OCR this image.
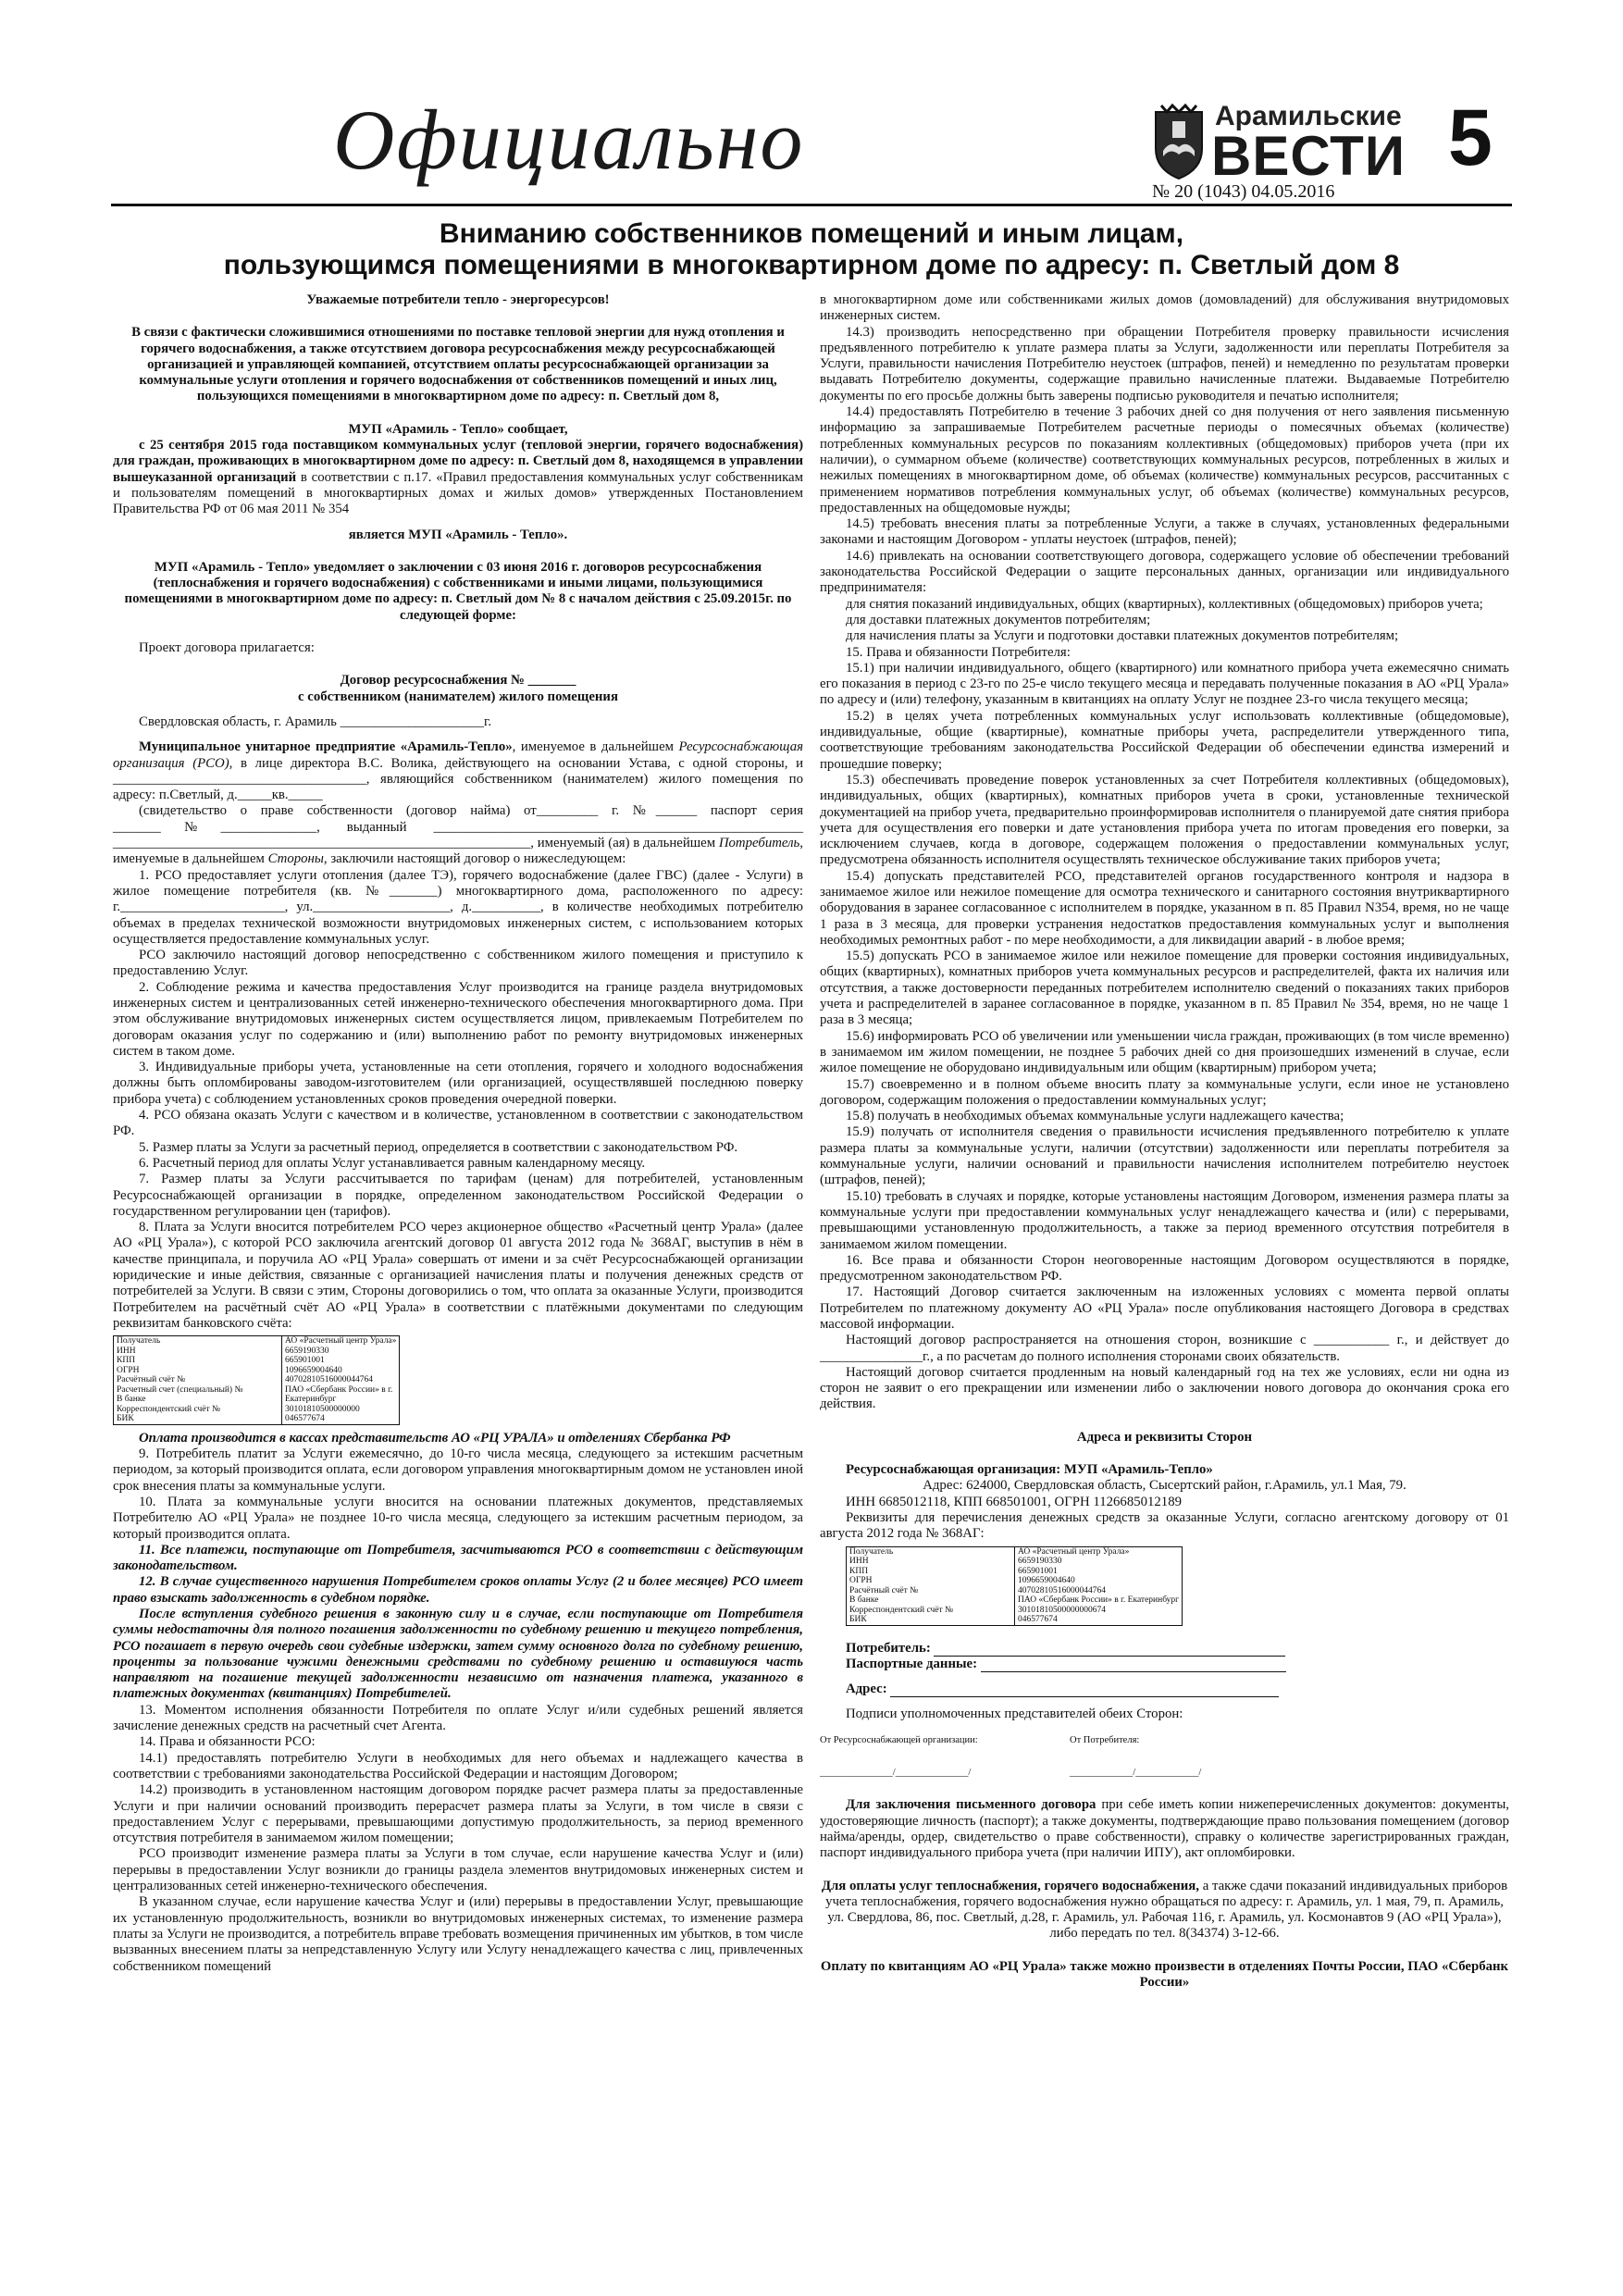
Официально	Арамильские
ВЕСТИ
№ 20 (1043) 04.05.2016
5
Вниманию собственников помещений и иным лицам,
пользующимся помещениями в многоквартирном доме по адресу: п. Светлый дом 8

Уважаемые потребители тепло - энергоресурсов!

В связи с фактически сложившимися отношениями по поставке тепловой энергии для нужд отопления и горячего водоснабжения, а также отсутствием договора ресурсоснабжения между ресурсоснабжающей организацией и управляющей компанией, отсутствием оплаты ресурсоснабжающей организации за коммунальные услуги отопления и горячего водоснабжения от собственников помещений и иных лиц, пользующихся помещениями в многоквартирном доме по адресу: п. Светлый дом 8,

МУП «Арамиль - Тепло» сообщает,

с 25 сентября 2015 года поставщиком коммунальных услуг (тепловой энергии, горячего водоснабжения) для граждан, проживающих в многоквартирном доме по адресу: п. Светлый дом 8, находящемся в управлении вышеуказанной организаций в соответствии с п.17. «Правил предоставления коммунальных услуг собственникам и пользователям помещений в многоквартирных домах и жилых домов» утвержденных Постановлением Правительства РФ от 06 мая 2011 № 354

является МУП «Арамиль - Тепло».

МУП «Арамиль - Тепло» уведомляет о заключении с 03 июня 2016 г. договоров ресурсоснабжения (теплоснабжения и горячего водоснабжения) с собственниками и иными лицами, пользующимися помещениями в многоквартирном доме по адресу: п. Светлый дом № 8 с началом действия с 25.09.2015г. по следующей форме:

Проект договора прилагается:

Договор ресурсоснабжения № _______

с собственником (нанимателем) жилого помещения

Свердловская область, г. Арамиль _____________________г.

Муниципальное унитарное предприятие «Арамиль-Тепло», именуемое в дальнейшем Ресурсоснабжающая организация (РСО), в лице директора В.С. Волика, действующего на основании Устава, с одной стороны, и _____________________________________, являющийся собственником (нанимателем) жилого помещения по адресу: п.Светлый, д._____кв._____

(свидетельство о праве собственности (договор найма) от_________ г. №______ паспорт серия _______№______________, выданный ______________________________________________________ _____________________________________________________________, именуемый (ая) в дальнейшем Потребитель, именуемые в дальнейшем Стороны, заключили настоящий договор о нижеследующем:

1. РСО предоставляет услуги отопления (далее ТЭ), горячего водоснабжение (далее ГВС) (далее - Услуги) в жилое помещение потребителя (кв. №_______) многоквартирного дома, расположенного по адресу: г.________________________, ул.____________________, д.__________, в количестве необходимых потребителю объемах в пределах технической возможности внутридомовых инженерных систем, с использованием которых осуществляется предоставление коммунальных услуг.

РСО заключило настоящий договор непосредственно с собственником жилого помещения и приступило к предоставлению Услуг.

2. Соблюдение режима и качества предоставления Услуг производится на границе раздела внутридомовых инженерных систем и централизованных сетей инженерно-технического обеспечения многоквартирного дома. При этом обслуживание внутридомовых инженерных систем осуществляется лицом, привлекаемым Потребителем по договорам оказания услуг по содержанию и (или) выполнению работ по ремонту внутридомовых инженерных систем в таком доме.

3. Индивидуальные приборы учета, установленные на сети отопления, горячего и холодного водоснабжения должны быть опломбированы заводом-изготовителем (или организацией, осуществлявшей последнюю поверку прибора учета) с соблюдением установленных сроков проведения очередной поверки.

4. РСО обязана оказать Услуги с качеством и в количестве, установленном в соответствии с законодательством РФ.

5. Размер платы за Услуги за расчетный период, определяется в соответствии с законодательством РФ.

6. Расчетный период для оплаты Услуг устанавливается равным календарному месяцу.

7. Размер платы за Услуги рассчитывается по тарифам (ценам) для потребителей, установленным Ресурсоснабжающей организации в порядке, определенном законодательством Российской Федерации о государственном регулировании цен (тарифов).

8. Плата за Услуги вносится потребителем РСО через акционерное общество «Расчетный центр Урала» (далее АО «РЦ Урала»), с которой РСО заключила агентский договор 01 августа 2012 года № 368АГ, выступив в нём в качестве принципала, и поручила АО «РЦ Урала» совершать от имени и за счёт Ресурсоснабжающей организации юридические и иные действия, связанные с организацией начисления платы и получения денежных средств от потребителей за Услуги. В связи с этим, Стороны договорились о том, что оплата за оказанные Услуги, производится Потребителем на расчётный счёт АО «РЦ Урала» в соответствии с платёжными документами по следующим реквизитам банковского счёта:

Получатель	АО «Расчетный центр Урала»
ИНН	6659190330
КПП	665901001
ОГРН	1096659004640
Расчётный счёт №	40702810516000044764
Расчетный счет (специальный) №	ПАО «Сбербанк России» в г.
В банке	Екатеринбург
Корреспондентский счёт №	30101810500000000
БИК	046577674

Оплата производится в кассах представительств АО «РЦ УРАЛА» и отделениях Сбербанка РФ

9. Потребитель платит за Услуги ежемесячно, до 10-го числа месяца, следующего за истекшим расчетным периодом, за который производится оплата, если договором управления многоквартирным домом не установлен иной срок внесения платы за коммунальные услуги.

10. Плата за коммунальные услуги вносится на основании платежных документов, представляемых Потребителю АО «РЦ Урала» не позднее 10-го числа месяца, следующего за истекшим расчетным периодом, за который производится оплата.

11. Все платежи, поступающие от Потребителя, засчитываются РСО в соответствии с действующим законодательством.

12. В случае существенного нарушения Потребителем сроков оплаты Услуг (2 и более месяцев) РСО имеет право взыскать задолженность в судебном порядке.

После вступления судебного решения в законную силу и в случае, если поступающие от Потребителя суммы недостаточны для полного погашения задолженности по судебному решению и текущего потребления, РСО погашает в первую очередь свои судебные издержки, затем сумму основного долга по судебному решению, проценты за пользование чужими денежными средствами по судебному решению и оставшуюся часть направляют на погашение текущей задолженности независимо от назначения платежа, указанного в платежных документах (квитанциях) Потребителей.

13. Моментом исполнения обязанности Потребителя по оплате Услуг и/или судебных решений является зачисление денежных средств на расчетный счет Агента.

14. Права и обязанности РСО:

14.1) предоставлять потребителю Услуги в необходимых для него объемах и надлежащего качества в соответствии с требованиями законодательства Российской Федерации и настоящим Договором;

14.2) производить в установленном настоящим договором порядке расчет размера платы за предоставленные Услуги и при наличии оснований производить перерасчет размера платы за Услуги, в том числе в связи с предоставлением Услуг с перерывами, превышающими допустимую продолжительность, за период временного отсутствия потребителя в занимаемом жилом помещении;

РСО производит изменение размера платы за Услуги в том случае, если нарушение качества Услуг и (или) перерывы в предоставлении Услуг возникли до границы раздела элементов внутридомовых инженерных систем и централизованных сетей инженерно-технического обеспечения.

В указанном случае, если нарушение качества Услуг и (или) перерывы в предоставлении Услуг, превышающие их установленную продолжительность, возникли во внутридомовых инженерных системах, то изменение размера платы за Услуги не производится, а потребитель вправе требовать возмещения причиненных им убытков, в том числе вызванных внесением платы за непредставленную Услугу или Услугу ненадлежащего качества с лиц, привлеченных собственником помещений

в многоквартирном доме или собственниками жилых домов (домовладений) для обслуживания внутридомовых инженерных систем.

14.3) производить непосредственно при обращении Потребителя проверку правильности исчисления предъявленного потребителю к уплате размера платы за Услуги, задолженности или переплаты Потребителя за Услуги, правильности начисления Потребителю неустоек (штрафов, пеней) и немедленно по результатам проверки выдавать Потребителю документы, содержащие правильно начисленные платежи. Выдаваемые Потребителю документы по его просьбе должны быть заверены подписью руководителя и печатью исполнителя;

14.4) предоставлять Потребителю в течение 3 рабочих дней со дня получения от него заявления письменную информацию за запрашиваемые Потребителем расчетные периоды о помесячных объемах (количестве) потребленных коммунальных ресурсов по показаниям коллективных (общедомовых) приборов учета (при их наличии), о суммарном объеме (количестве) соответствующих коммунальных ресурсов, потребленных в жилых и нежилых помещениях в многоквартирном доме, об объемах (количестве) коммунальных ресурсов, рассчитанных с применением нормативов потребления коммунальных услуг, об объемах (количестве) коммунальных ресурсов, предоставленных на общедомовые нужды;

14.5) требовать внесения платы за потребленные Услуги, а также в случаях, установленных федеральными законами и настоящим Договором - уплаты неустоек (штрафов, пеней);

14.6) привлекать на основании соответствующего договора, содержащего условие об обеспечении требований законодательства Российской Федерации о защите персональных данных, организации или индивидуального предпринимателя:

для снятия показаний индивидуальных, общих (квартирных), коллективных (общедомовых) приборов учета;

для доставки платежных документов потребителям;

для начисления платы за Услуги и подготовки доставки платежных документов потребителям;

15. Права и обязанности Потребителя:

15.1) при наличии индивидуального, общего (квартирного) или комнатного прибора учета ежемесячно снимать его показания в период с 23-го по 25-е число текущего месяца и передавать полученные показания в АО «РЦ Урала» по адресу и (или) телефону, указанным в квитанциях на оплату Услуг не позднее 23-го числа текущего месяца;

15.2) в целях учета потребленных коммунальных услуг использовать коллективные (общедомовые), индивидуальные, общие (квартирные), комнатные приборы учета, распределители утвержденного типа, соответствующие требованиям законодательства Российской Федерации об обеспечении единства измерений и прошедшие поверку;

15.3) обеспечивать проведение поверок установленных за счет Потребителя коллективных (общедомовых), индивидуальных, общих (квартирных), комнатных приборов учета в сроки, установленные технической документацией на прибор учета, предварительно проинформировав исполнителя о планируемой дате снятия прибора учета для осуществления его поверки и дате установления прибора учета по итогам проведения его поверки, за исключением случаев, когда в договоре, содержащем положения о предоставлении коммунальных услуг, предусмотрена обязанность исполнителя осуществлять техническое обслуживание таких приборов учета;

15.4) допускать представителей РСО, представителей органов государственного контроля и надзора в занимаемое жилое или нежилое помещение для осмотра технического и санитарного состояния внутриквартирного оборудования в заранее согласованное с исполнителем в порядке, указанном в п. 85 Правил N354, время, но не чаще 1 раза в 3 месяца, для проверки устранения недостатков предоставления коммунальных услуг и выполнения необходимых ремонтных работ - по мере необходимости, а для ликвидации аварий - в любое время;

15.5) допускать РСО в занимаемое жилое или нежилое помещение для проверки состояния индивидуальных, общих (квартирных), комнатных приборов учета коммунальных ресурсов и распределителей, факта их наличия или отсутствия, а также достоверности переданных потребителем исполнителю сведений о показаниях таких приборов учета и распределителей в заранее согласованное в порядке, указанном в п. 85 Правил № 354, время, но не чаще 1 раза в 3 месяца;

15.6) информировать РСО об увеличении или уменьшении числа граждан, проживающих (в том числе временно) в занимаемом им жилом помещении, не позднее 5 рабочих дней со дня произошедших изменений в случае, если жилое помещение не оборудовано индивидуальным или общим (квартирным) прибором учета;

15.7) своевременно и в полном объеме вносить плату за коммунальные услуги, если иное не установлено договором, содержащим положения о предоставлении коммунальных услуг;

15.8) получать в необходимых объемах коммунальные услуги надлежащего качества;

15.9) получать от исполнителя сведения о правильности исчисления предъявленного потребителю к уплате размера платы за коммунальные услуги, наличии (отсутствии) задолженности или переплаты потребителя за коммунальные услуги, наличии оснований и правильности начисления исполнителем потребителю неустоек (штрафов, пеней);

15.10) требовать в случаях и порядке, которые установлены настоящим Договором, изменения размера платы за коммунальные услуги при предоставлении коммунальных услуг ненадлежащего качества и (или) с перерывами, превышающими установленную продолжительность, а также за период временного отсутствия потребителя в занимаемом жилом помещении.

16. Все права и обязанности Сторон неоговоренные настоящим Договором осуществляются в порядке, предусмотренном законодательством РФ.

17. Настоящий Договор считается заключенным на изложенных условиях с момента первой оплаты Потребителем по платежному документу АО «РЦ Урала» после опубликования настоящего Договора в средствах массовой информации.

Настоящий договор распространяется на отношения сторон, возникшие с ___________ г., и действует до _______________г., а по расчетам до полного исполнения сторонами своих обязательств.

Настоящий договор считается продленным на новый календарный год на тех же условиях, если ни одна из сторон не заявит о его прекращении или изменении либо о заключении нового договора до окончания срока его действия.

Адреса и реквизиты Сторон

Ресурсоснабжающая организация: МУП «Арамиль-Тепло»

Адрес: 624000, Свердловская область, Сысертский район, г.Арамиль, ул.1 Мая, 79.

ИНН 6685012118, КПП 668501001, ОГРН 1126685012189

Реквизиты для перечисления денежных средств за оказанные Услуги, согласно агентскому договору от 01 августа 2012 года № 368АГ:

Получатель	АО «Расчетный центр Урала»
ИНН	6659190330
КПП	665901001
ОГРН	1096659004640
Расчётный счёт №	40702810516000044764
В банке	ПАО «Сбербанк России» в г. Екатеринбург
Корреспондентский счёт №	30101810500000000674
БИК	046577674

Потребитель:

Паспортные данные:

Адрес:

Подписи уполномоченных представителей обеих Сторон:

От Ресурсоснабжающей организации:	От Потребителя:

_______________/_______________/	_____________/_____________/

Для заключения письменного договора при себе иметь копии нижеперечисленных документов: документы, удостоверяющие личность (паспорт); а также документы, подтверждающие право пользования помещением (договор найма/аренды, ордер, свидетельство о праве собственности), справку о количестве зарегистрированных граждан, паспорт индивидуального прибора учета (при наличии ИПУ), акт опломбировки.

Для оплаты услуг теплоснабжения, горячего водоснабжения, а также сдачи показаний индивидуальных приборов учета теплоснабжения, горячего водоснабжения нужно обращаться по адресу: г. Арамиль, ул. 1 мая, 79, п. Арамиль, ул. Свердлова, 86, пос. Светлый, д.28, г. Арамиль, ул. Рабочая 116, г. Арамиль, ул. Космонавтов 9 (АО «РЦ Урала»), либо передать по тел. 8(34374) 3-12-66.

Оплату по квитанциям АО «РЦ Урала» также можно произвести в отделениях Почты России, ПАО «Сбербанк России»
